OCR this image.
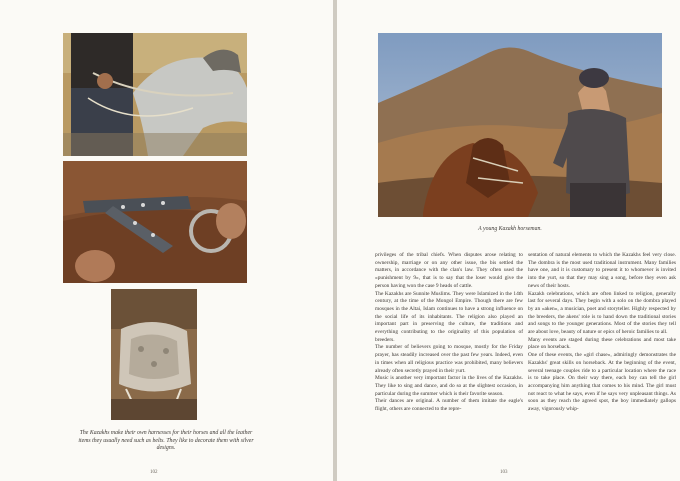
The Kazakhs make their own harnesses for their horses and all the leather items they usually need such as belts. They like to decorate them with silver designs.
102
A young Kazakh horseman.

privileges of the tribal chiefs. When disputes arose relating to ownership, marriage or on any other issue, the bis settled the matters, in accordance with the clan's law. They often used the «punishment by 9», that is to say that the loser would give the person having won the case 9 heads of cattle.

The Kazakhs are Sunnite Muslims. They were Islamized in the 14th century, at the time of the Mongol Empire. Though there are few mosques in the Altai, Islam continues to have a strong influence on the social life of its inhabitants. The religion also played an important part in preserving the culture, the traditions and everything contributing to the originality of this population of breeders.

The number of believers going to mosque, mostly for the Friday prayer, has steadily increased over the past few years. Indeed, even in times when all religious practice was prohibited, many believers already often secretly prayed in their yurt.

Music is another very important factor in the lives of the Kazakhs. They like to sing and dance, and do so at the slightest occasion, in particular during the summer which is their favorite season.

Their dances are original. A number of them imitate the eagle's flight, others are connected to the repre-

sentation of natural elements to which the Kazakhs feel very close. The dombra is the most used traditional instrument. Many families have one, and it is customary to present it to whomever is invited into the yurt, so that they may sing a song, before they even ask news of their hosts.

Kazakh celebrations, which are often linked to religion, generally last for several days. They begin with a solo on the dombra played by an «aken», a musician, poet and storyteller. Highly respected by the breeders, the akens' role is to hand down the traditional stories and songs to the younger generations. Most of the stories they tell are about love, beauty of nature or epics of heroic families to all.

Many events are staged during these celebrations and most take place on horseback.

One of these events, the «girl chase», admiringly demonstrates the Kazakhs' great skills on horseback. At the beginning of the event, several teenage couples ride to a particular location where the race is to take place. On their way there, each boy can tell the girl accompanying him anything that comes to his mind. The girl must not react to what he says, even if he says very unpleasant things. As soon as they reach the agreed spot, the boy immediately gallops away, vigorously whip-

103
